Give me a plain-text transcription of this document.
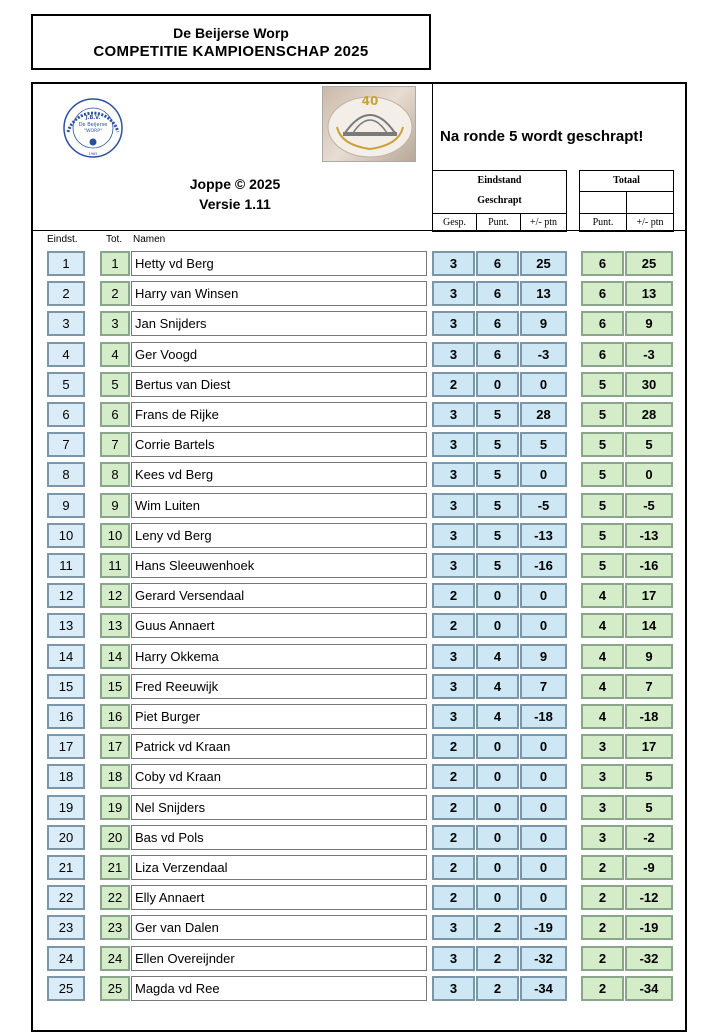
De Beijerse Worp
COMPETITIE KAMPIOENSCHAP 2025
J.B.V.
De Beijerse
"WORP"
1985
40
Na ronde 5 wordt geschrapt!
Joppe © 2025
Versie 1.11
Eindstand
Geschrapt
Gesp.	Punt.	+/- ptn
Totaal
Punt.	+/- ptn
Eindst.	Tot. Namen
1	1	Hetty vd Berg	3	6	25	6	25
2	2	Harry van Winsen	3	6	13	6	13
3	3	Jan Snijders	3	6	9	6	9
4	4	Ger Voogd	3	6	-3	6	-3
5	5	Bertus van Diest	2	0	0	5	30
6	6	Frans de Rijke	3	5	28	5	28
7	7	Corrie Bartels	3	5	5	5	5
8	8	Kees vd Berg	3	5	0	5	0
9	9	Wim Luiten	3	5	-5	5	-5
10	10 Leny vd Berg	3	5	-13	5	-13
11	11	Hans Sleeuwenhoek	3	5	-16	5	-16
12	12 Gerard Versendaal	2	0	0	4	17
13	13 Guus Annaert	2	0	0	4	14
14	14 Harry Okkema	3	4	9	4	9
15	15 Fred Reeuwijk	3	4	7	4	7
16	16 Piet Burger	3	4	-18	4	-18
17	17 Patrick vd Kraan	2	0	0	3	17
18	18 Coby vd Kraan	2	0	0	3	5
19	19 Nel Snijders	2	0	0	3	5
20	20 Bas vd Pols	2	0	0	3	-2
21	21 Liza Verzendaal	2	0	0	2	-9
22	22 Elly Annaert	2	0	0	2	-12
23	23 Ger van Dalen	3	2	-19	2	-19
24	24 Ellen Overeijnder	3	2	-32	2	-32
25	25 Magda vd Ree	3	2	-34	2	-34
